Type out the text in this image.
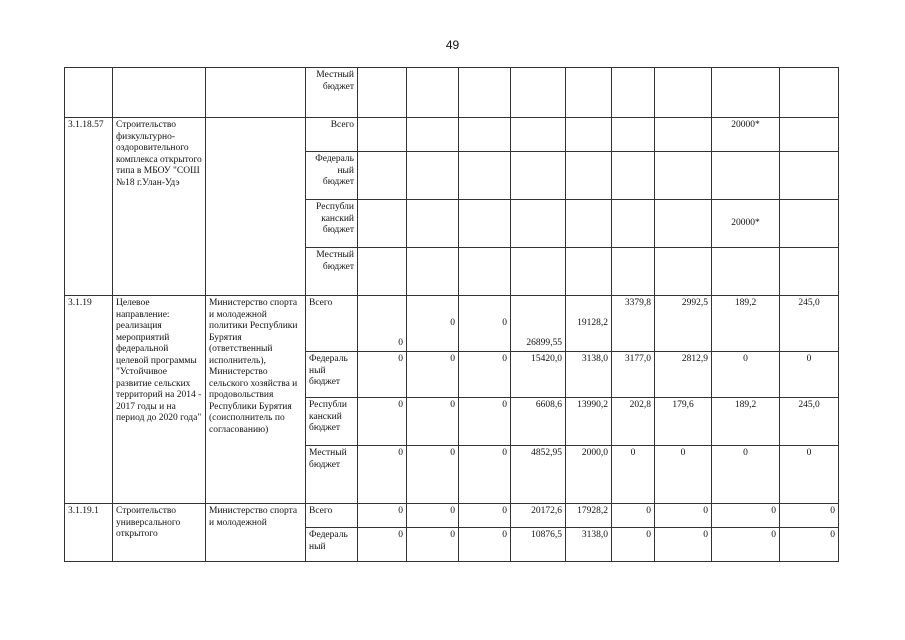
49
			Местный бюджет									
3.1.18.57	Строительство физкультурно-оздоровительного комплекса открытого типа в МБОУ "СОШ №18 г.Улан-Удэ		Всего								20000*	
			Федераль ный бюджет									
			Республи канский бюджет								20000*	
			Местный бюджет									
3.1.19	Целевое направление: реализация мероприятий федеральной целевой программы "Устойчивое развитие сельских территорий на 2014 - 2017 годы и на период до 2020 года"	Министерство спорта и молодежной политики Республики Бурятия (ответственный исполнитель), Министерство сельского хозяйства и продовольствия Республики Бурятия (соисполнитель по согласованию)	Всего	0	0	0	26899,55	19128,2	3379,8	2992,5	189,2	245,0
			Федераль ный бюджет	0	0	0	15420,0	3138,0	3177,0	2812,9	0	0
			Республи канский бюджет	0	0	0	6608,6	13990,2	202,8	179,6	189,2	245,0
			Местный бюджет	0	0	0	4852,95	2000,0	0	0	0	0
3.1.19.1	Строительство универсального открытого	Министерство спорта и молодежной	Всего	0	0	0	20172,6	17928,2	0	0	0	0
			Федераль ный	0	0	0	10876,5	3138,0	0	0	0	0
